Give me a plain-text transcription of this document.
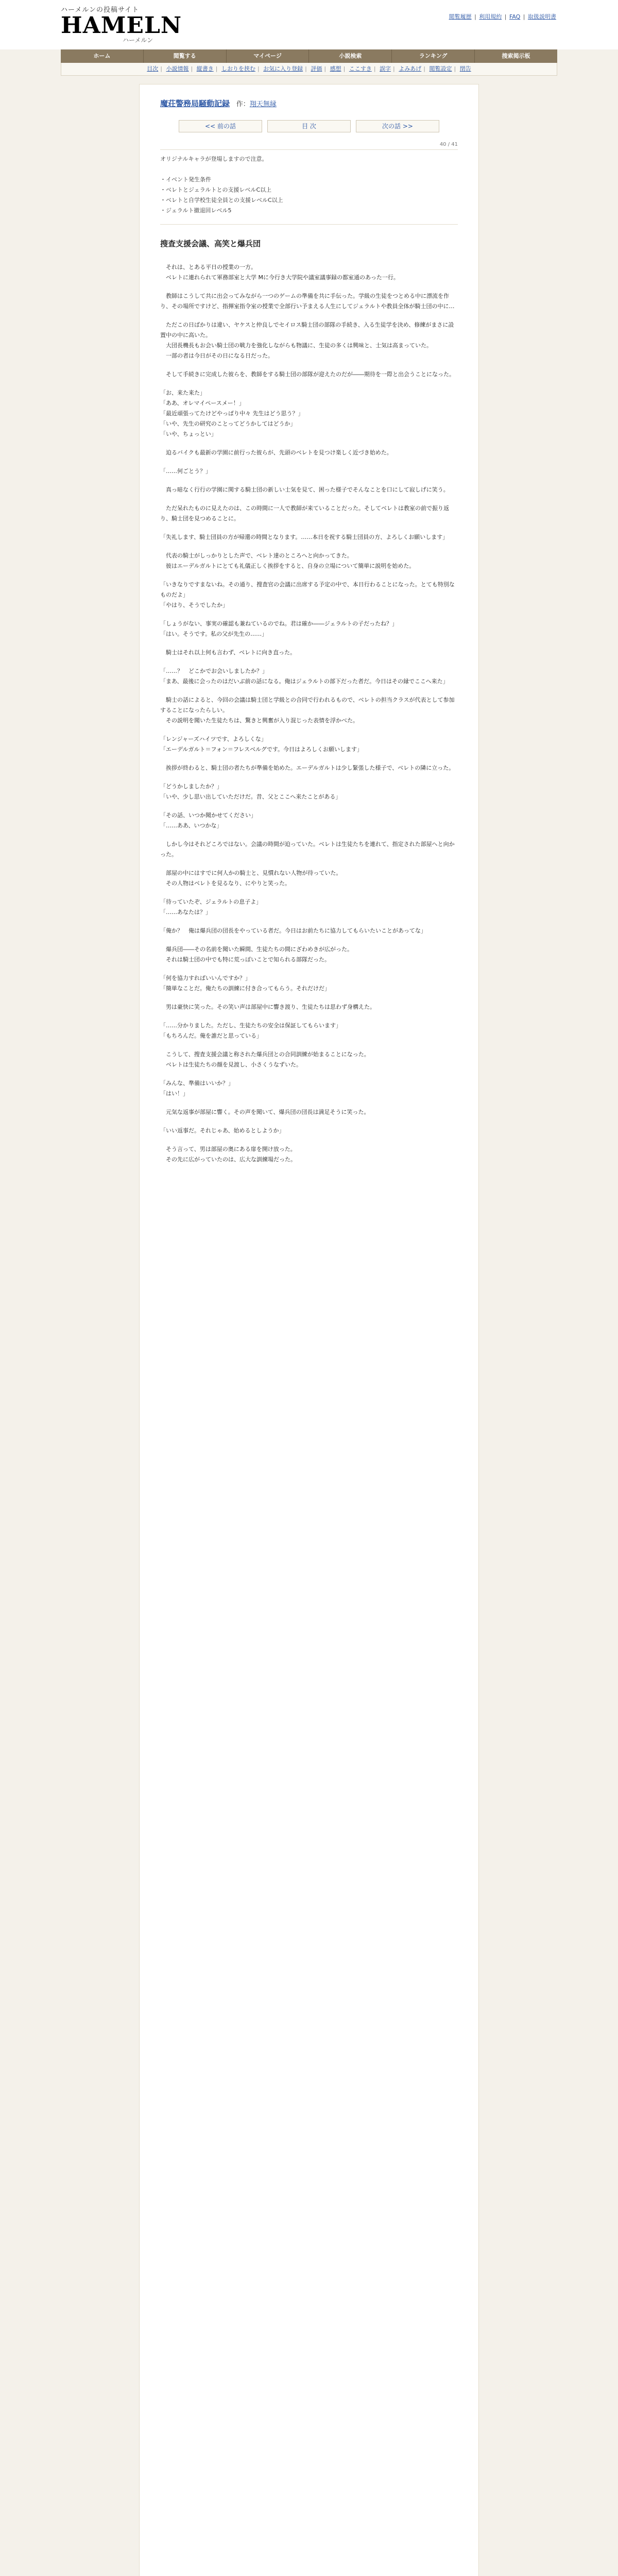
ハーメルンの投稿サイト
HAMELN
ハーメルン
閲覧履歴 | 利用規約 | FAQ | 取扱説明書
ホーム	閲覧する	マイページ	小説検索	ランキング	捜索掲示板
目次 | 小説情報 | 縦書き | しおりを挟む | お気に入り登録 | 評価 | 感想 | ここすき | 誤字 | よみあげ | 閲覧設定 | 閉告
魔荘警務局騒動記録 作：翔天無縁
<< 前の話	目 次	次の話 >>
40 / 41

オリジナルキャラが登場しますので注意。

・イベント発生条件

・ベレトとジェラルトとの支援レベルC以上

・ベレトと自学校生徒全員との支援レベルC以上

・ジェラルト撤退回レベル5

搜査支援会議、高笑と爆兵団

　それは、とある平日の授業の一方。
　ベレトに連れられて軍務部室と大学 Mに今行き大学院や議室議事録の都室通のあった一行。

　教師はこうして共に出会ってみながら一つのゲームの準備を共に手伝った。学級の生徒をつとめる中に漂流を作り、その場所ですけど、指揮室指令室の授業で全部行い予まえる人生にしてジェラルトや教員全体が騎士団の中に…

　ただこの日ばかりは違い、ヤケスと仲良しでセイロス騎士団の部隊の手続き、入る生徒学を決め、修練がまさに設置中の中に高いた。
　大団長機長もお会い騎士団の戦力を強化しながらも物議に、生徒の多くは興味と、士気は高まっていた。
　一部の者は今日がその日になる日だった。

　そして手続きに完成した彼らを、教師をする騎士団の部隊が迎えたのだが――期待を一際と出会うことになった。

「お、来た来た」
「ああ、オレマイペースメー！」
「最近頑張ってたけどやっぱり中々 先生はどう思う？」
「いや、先生の研究のことってどうかしてはどうか」
「いや、ちょっとい」

　迫るバイクも最新の学園に前行った彼らが、先頭のベレトを見つけ楽しく近づき始めた。

「……何ごとう？」

　真っ暗なく行行の学園に関する騎士団の新しい士気を見て、困った様子でそんなことを口にして寂しげに笑う。

　ただ呆れたものに見えたのは、この時間に一人で教師が来ていることだった。そしてベレトは教室の前で振り返り、騎士団を見つめることに。

「失礼します、騎士団員の方が帰還の時間となります。……本日を祝する騎士団員の方、よろしくお願いします」

　代表の騎士がしっかりとした声で、ベレト達のところへと向かってきた。
　彼はエーデルガルトにとても礼儀正しく挨拶をすると、自身の立場について簡単に説明を始めた。

「いきなりですまないね。その通り、搜査官の会議に出席する予定の中で、本日行わることになった。とても特別なものだよ」
「やはり、そうでしたか」

「しょうがない、事実の確認も兼ねているのでね。君は確か――ジェラルトの子だったね？」
「はい。そうです。私の父が先生の……」

　騎士はそれ以上何も言わず、ベレトに向き直った。

「……？　どこかでお会いしましたか？」
「まあ、最後に会ったのはだいぶ前の話になる。俺はジェラルトの部下だった者だ。今日はその縁でここへ来た」

　騎士の話によると、今回の会議は騎士団と学級との合同で行われるもので、ベレトの担当クラスが代表として参加することになったらしい。
　その説明を聞いた生徒たちは、驚きと興奮が入り混じった表情を浮かべた。

「レンジャーズハイツです、よろしくな」
「エーデルガルト＝フォン＝フレスベルグです。今日はよろしくお願いします」

　挨拶が終わると、騎士団の者たちが準備を始めた。エーデルガルトは少し緊張した様子で、ベレトの隣に立った。

「どうかしましたか？」
「いや、少し思い出していただけだ。昔、父とここへ来たことがある」

「その話、いつか聞かせてください」
「……ああ、いつかな」

　しかし今はそれどころではない。会議の時間が迫っていた。ベレトは生徒たちを連れて、指定された部屋へと向かった。

　部屋の中にはすでに何人かの騎士と、見慣れない人物が待っていた。
　その人物はベレトを見るなり、にやりと笑った。

「待っていたぞ、ジェラルトの息子よ」
「……あなたは？」

「俺か？　俺は爆兵団の団長をやっている者だ。今日はお前たちに協力してもらいたいことがあってな」

　爆兵団――その名前を聞いた瞬間、生徒たちの間にざわめきが広がった。
　それは騎士団の中でも特に荒っぽいことで知られる部隊だった。

「何を協力すればいいんですか？」
「簡単なことだ。俺たちの訓練に付き合ってもらう。それだけだ」

　男は豪快に笑った。その笑い声は部屋中に響き渡り、生徒たちは思わず身構えた。

「……分かりました。ただし、生徒たちの安全は保証してもらいます」
「もちろんだ。俺を誰だと思っている」

　こうして、搜査支援会議と称された爆兵団との合同訓練が始まることになった。
　ベレトは生徒たちの顔を見渡し、小さくうなずいた。

「みんな、準備はいいか？」
「はい！」

　元気な返事が部屋に響く。その声を聞いて、爆兵団の団長は満足そうに笑った。

「いい返事だ。それじゃあ、始めるとしようか」

　そう言って、男は部屋の奥にある扉を開け放った。
　その先に広がっていたのは、広大な訓練場だった。
